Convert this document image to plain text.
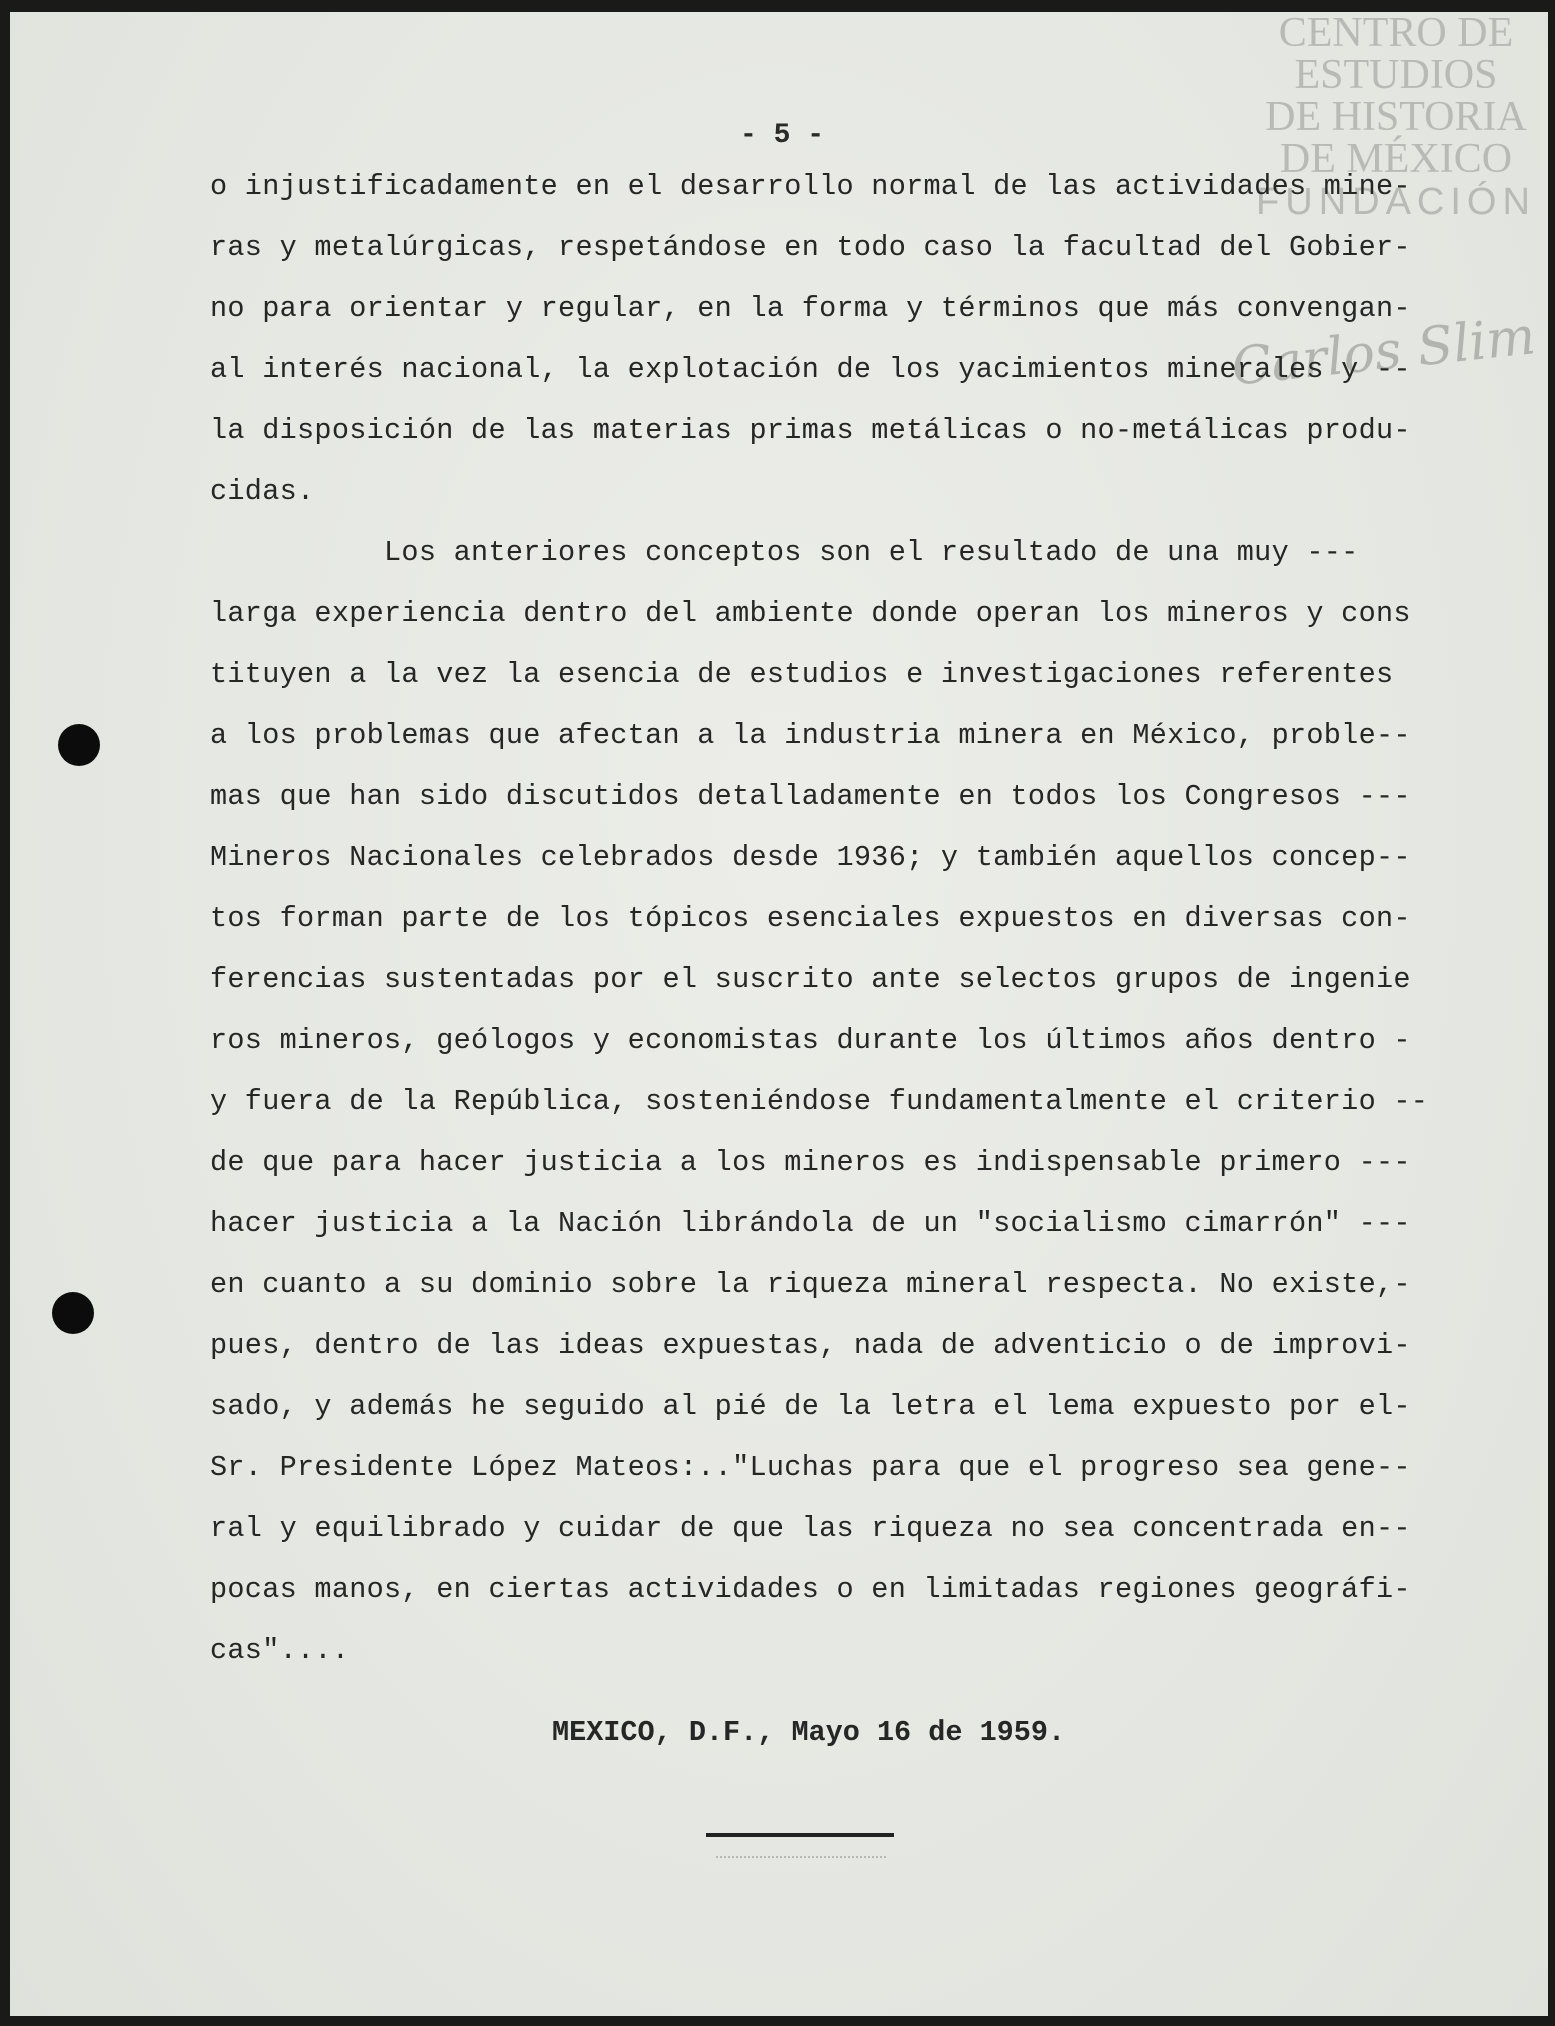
CENTRO DE
ESTUDIOS
DE HISTORIA
DE MÉXICO
FUNDACIÓN
Carlos Slim
- 5 -
o injustificadamente en el desarrollo normal de las actividades mine-
ras y metalúrgicas, respetándose en todo caso la facultad del Gobier-
no para orientar y regular, en la forma y términos que más convengan-
al interés nacional, la explotación de los yacimientos minerales y --
la disposición de las materias primas metálicas o no-metálicas produ-
cidas.
Los anteriores conceptos son el resultado de una muy ---
larga experiencia dentro del ambiente donde operan los mineros y cons
tituyen a la vez la esencia de estudios e investigaciones referentes
a los problemas que afectan a la industria minera en México, proble--
mas que han sido discutidos detalladamente en todos los Congresos ---
Mineros Nacionales celebrados desde 1936; y también aquellos concep--
tos forman parte de los tópicos esenciales expuestos en diversas con-
ferencias sustentadas por el suscrito ante selectos grupos de ingenie
ros mineros, geólogos y economistas durante los últimos años dentro -
y fuera de la República, sosteniéndose fundamentalmente el criterio --
de que para hacer justicia a los mineros es indispensable primero ---
hacer justicia a la Nación librándola de un "socialismo cimarrón" ---
en cuanto a su dominio sobre la riqueza mineral respecta. No existe,-
pues, dentro de las ideas expuestas, nada de adventicio o de improvi-
sado, y además he seguido al pié de la letra el lema expuesto por el-
Sr. Presidente López Mateos:.."Luchas para que el progreso sea gene--
ral y equilibrado y cuidar de que las riqueza no sea concentrada en--
pocas manos, en ciertas actividades o en limitadas regiones geográfi-
cas"....
MEXICO, D.F., Mayo 16 de 1959.
